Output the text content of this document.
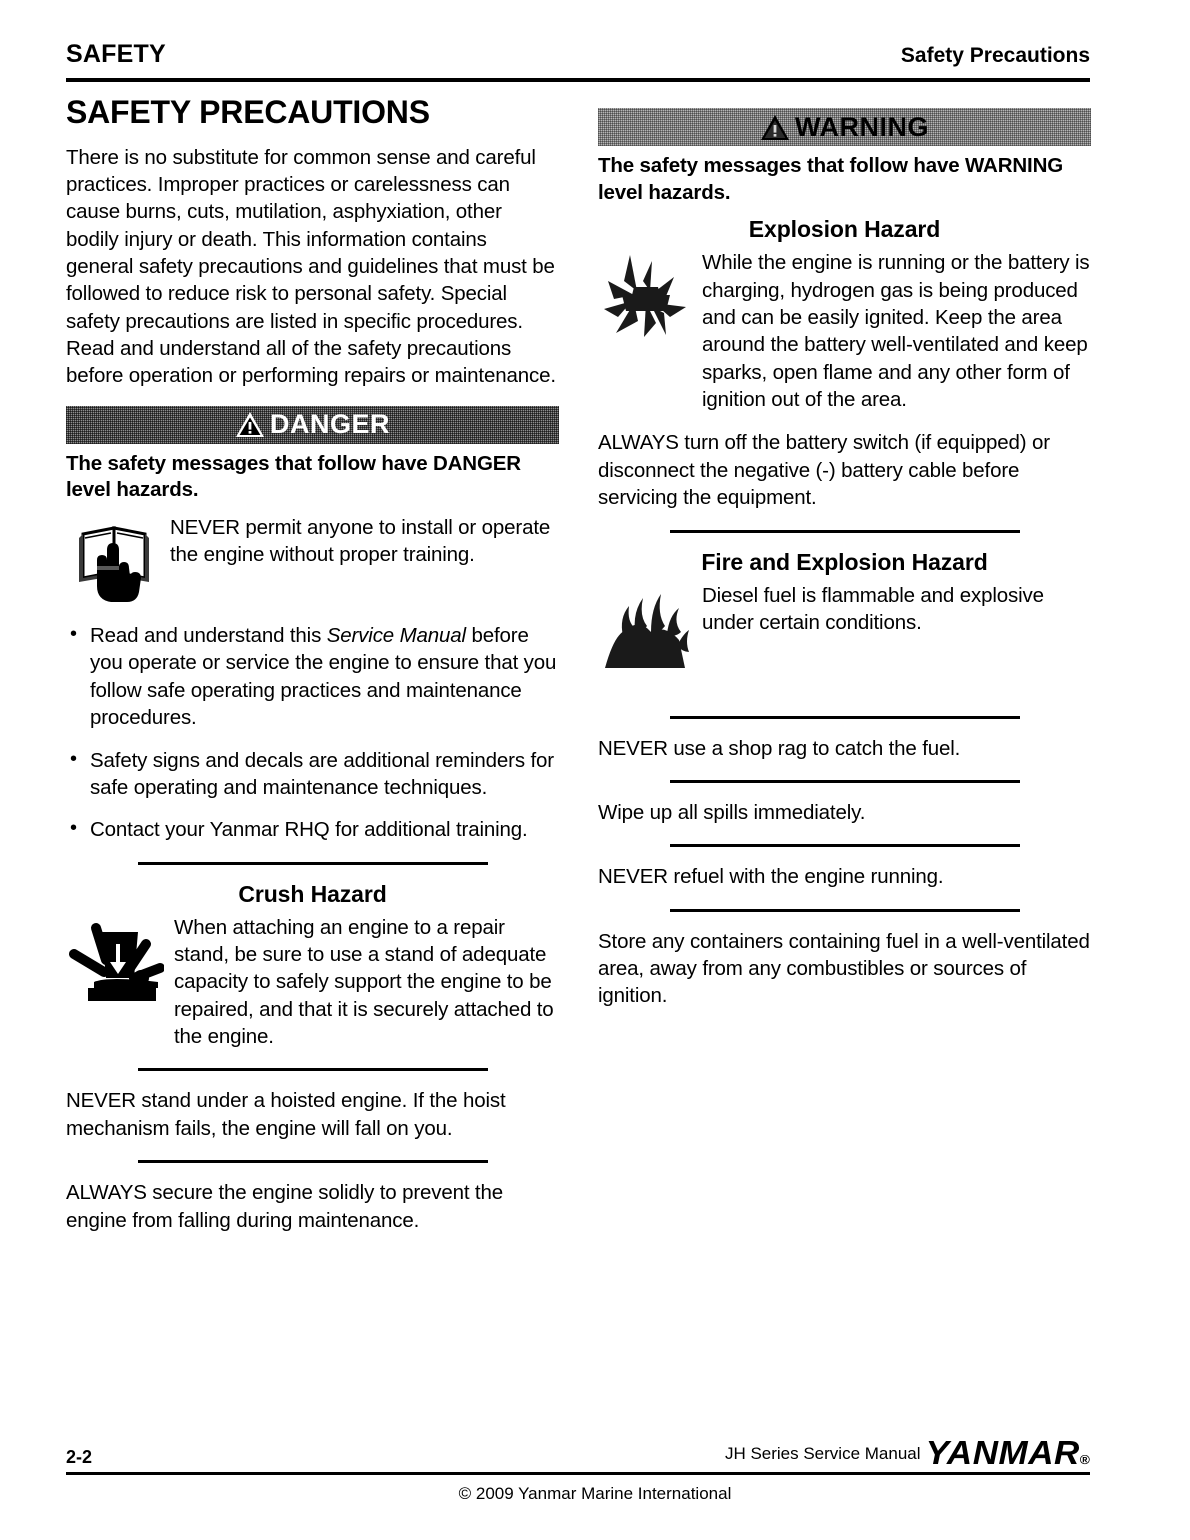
SAFETY	Safety Precautions
SAFETY PRECAUTIONS

There is no substitute for common sense and careful practices. Improper practices or carelessness can cause burns, cuts, mutilation, asphyxiation, other bodily injury or death. This information contains general safety precautions and guidelines that must be followed to reduce risk to personal safety. Special safety precautions are listed in specific procedures. Read and understand all of the safety precautions before operation or performing repairs or maintenance.

DANGER

The safety messages that follow have DANGER level hazards.

NEVER permit anyone to install or operate the engine without proper training.
• Read and understand this Service Manual before you operate or service the engine to ensure that you follow safe operating practices and maintenance procedures.
• Safety signs and decals are additional reminders for safe operating and maintenance techniques.
• Contact your Yanmar RHQ for additional training.
Crush Hazard
When attaching an engine to a repair stand, be sure to use a stand of adequate capacity to safely support the engine to be repaired, and that it is securely attached to the engine.

NEVER stand under a hoisted engine. If the hoist mechanism fails, the engine will fall on you.

ALWAYS secure the engine solidly to prevent the engine from falling during maintenance.

WARNING

The safety messages that follow have WARNING level hazards.

Explosion Hazard
While the engine is running or the battery is charging, hydrogen gas is being produced and can be easily ignited. Keep the area around the battery well-ventilated and keep sparks, open flame and any other form of ignition out of the area.

ALWAYS turn off the battery switch (if equipped) or disconnect the negative (-) battery cable before servicing the equipment.

Fire and Explosion Hazard
Diesel fuel is flammable and explosive under certain conditions.

NEVER use a shop rag to catch the fuel.

Wipe up all spills immediately.

NEVER refuel with the engine running.

Store any containers containing fuel in a well-ventilated area, away from any combustibles or sources of ignition.

2-2	JH Series Service Manual YANMAR®
© 2009 Yanmar Marine International
